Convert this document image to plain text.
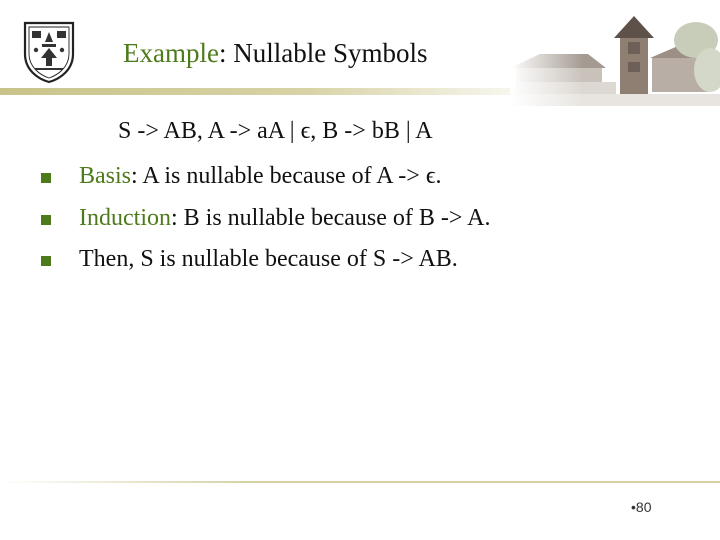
Example: Nullable Symbols
S -> AB, A -> aA | ϵ, B -> bB | A
Basis: A is nullable because of A -> ϵ.
Induction: B is nullable because of B -> A.
Then, S is nullable because of S -> AB.
•80
